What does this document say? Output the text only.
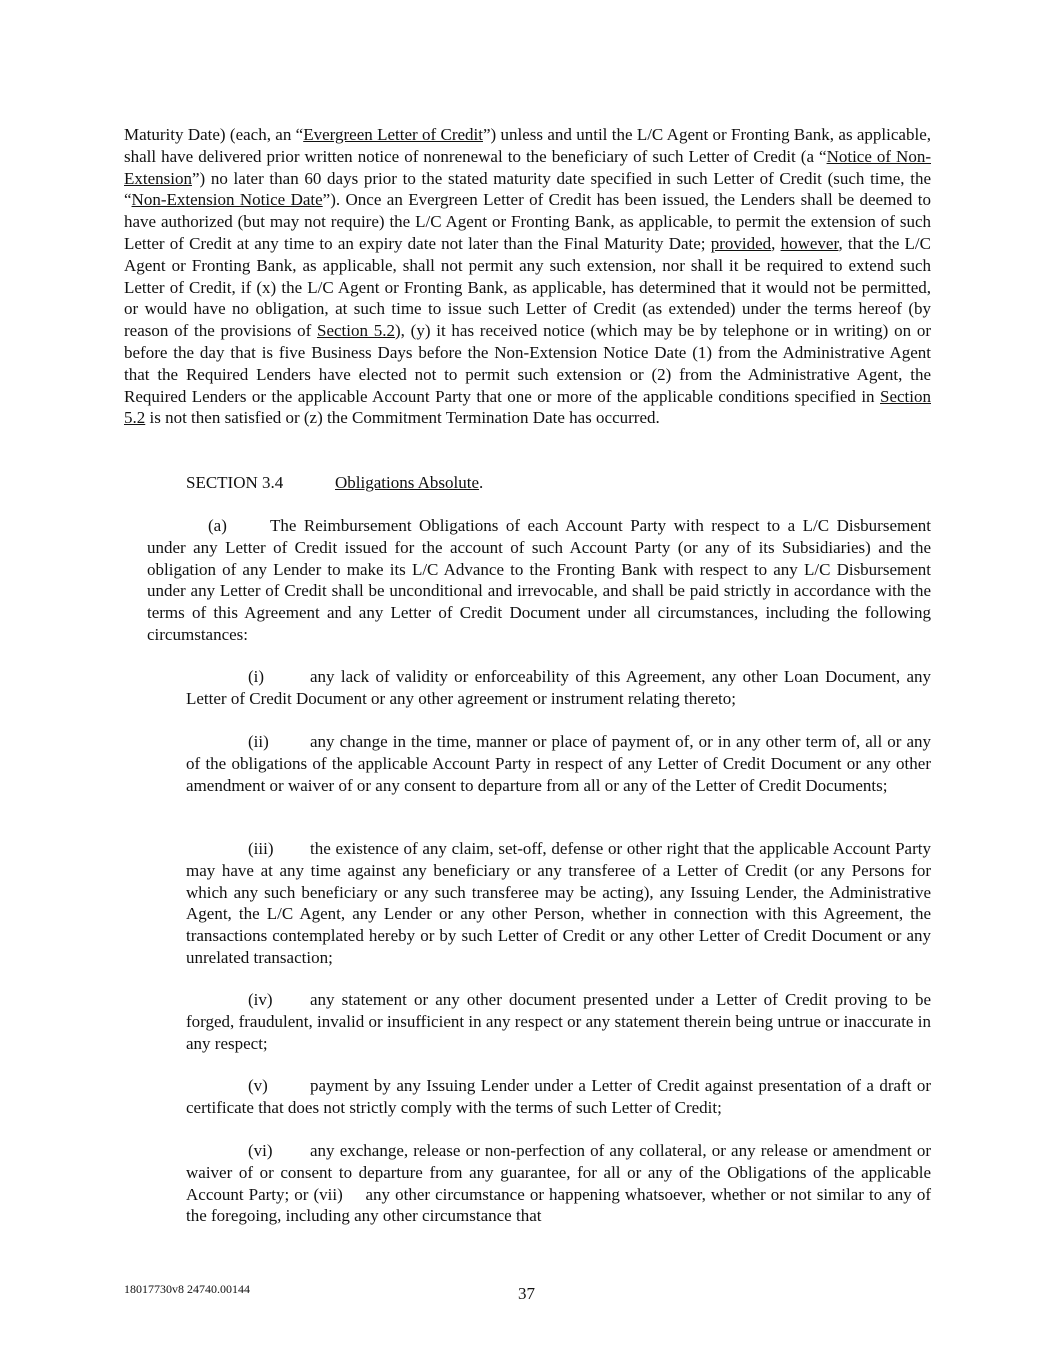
Maturity Date) (each, an “Evergreen Letter of Credit”) unless and until the L/C Agent or Fronting Bank, as applicable, shall have delivered prior written notice of nonrenewal to the beneficiary of such Letter of Credit (a “Notice of Non-Extension”) no later than 60 days prior to the stated maturity date specified in such Letter of Credit (such time, the “Non-Extension Notice Date”). Once an Evergreen Letter of Credit has been issued, the Lenders shall be deemed to have authorized (but may not require) the L/C Agent or Fronting Bank, as applicable, to permit the extension of such Letter of Credit at any time to an expiry date not later than the Final Maturity Date; provided, however, that the L/C Agent or Fronting Bank, as applicable, shall not permit any such extension, nor shall it be required to extend such Letter of Credit, if (x) the L/C Agent or Fronting Bank, as applicable, has determined that it would not be permitted, or would have no obligation, at such time to issue such Letter of Credit (as extended) under the terms hereof (by reason of the provisions of Section 5.2), (y) it has received notice (which may be by telephone or in writing) on or before the day that is five Business Days before the Non-Extension Notice Date (1) from the Administrative Agent that the Required Lenders have elected not to permit such extension or (2) from the Administrative Agent, the Required Lenders or the applicable Account Party that one or more of the applicable conditions specified in Section 5.2 is not then satisfied or (z) the Commitment Termination Date has occurred.

SECTION 3.4	Obligations Absolute.

(a)	The Reimbursement Obligations of each Account Party with respect to a L/C Disbursement under any Letter of Credit issued for the account of such Account Party (or any of its Subsidiaries) and the obligation of any Lender to make its L/C Advance to the Fronting Bank with respect to any L/C Disbursement under any Letter of Credit shall be unconditional and irrevocable, and shall be paid strictly in accordance with the terms of this Agreement and any Letter of Credit Document under all circumstances, including the following circumstances:

(i)	any lack of validity or enforceability of this Agreement, any other Loan Document, any Letter of Credit Document or any other agreement or instrument relating thereto;

(ii) any change in the time, manner or place of payment of, or in any other term of, all or any of the obligations of the applicable Account Party in respect of any Letter of Credit Document or any other amendment or waiver of or any consent to departure from all or any of the Letter of Credit Documents;

(iii) the existence of any claim, set-off, defense or other right that the applicable Account Party may have at any time against any beneficiary or any transferee of a Letter of Credit (or any Persons for which any such beneficiary or any such transferee may be acting), any Issuing Lender, the Administrative Agent, the L/C Agent, any Lender or any other Person, whether in connection with this Agreement, the transactions contemplated hereby or by such Letter of Credit or any other Letter of Credit Document or any unrelated transaction;

(iv) any statement or any other document presented under a Letter of Credit proving to be forged, fraudulent, invalid or insufficient in any respect or any statement therein being untrue or inaccurate in any respect;

(v) payment by any Issuing Lender under a Letter of Credit against presentation of a draft or certificate that does not strictly comply with the terms of such Letter of Credit;

(vi) any exchange, release or non-perfection of any collateral, or any release or amendment or waiver of or consent to departure from any guarantee, for all or any of the Obligations of the applicable Account Party; or (vii) any other circumstance or happening whatsoever, whether or not similar to any of the foregoing, including any other circumstance that

18017730v8 24740.00144	37
